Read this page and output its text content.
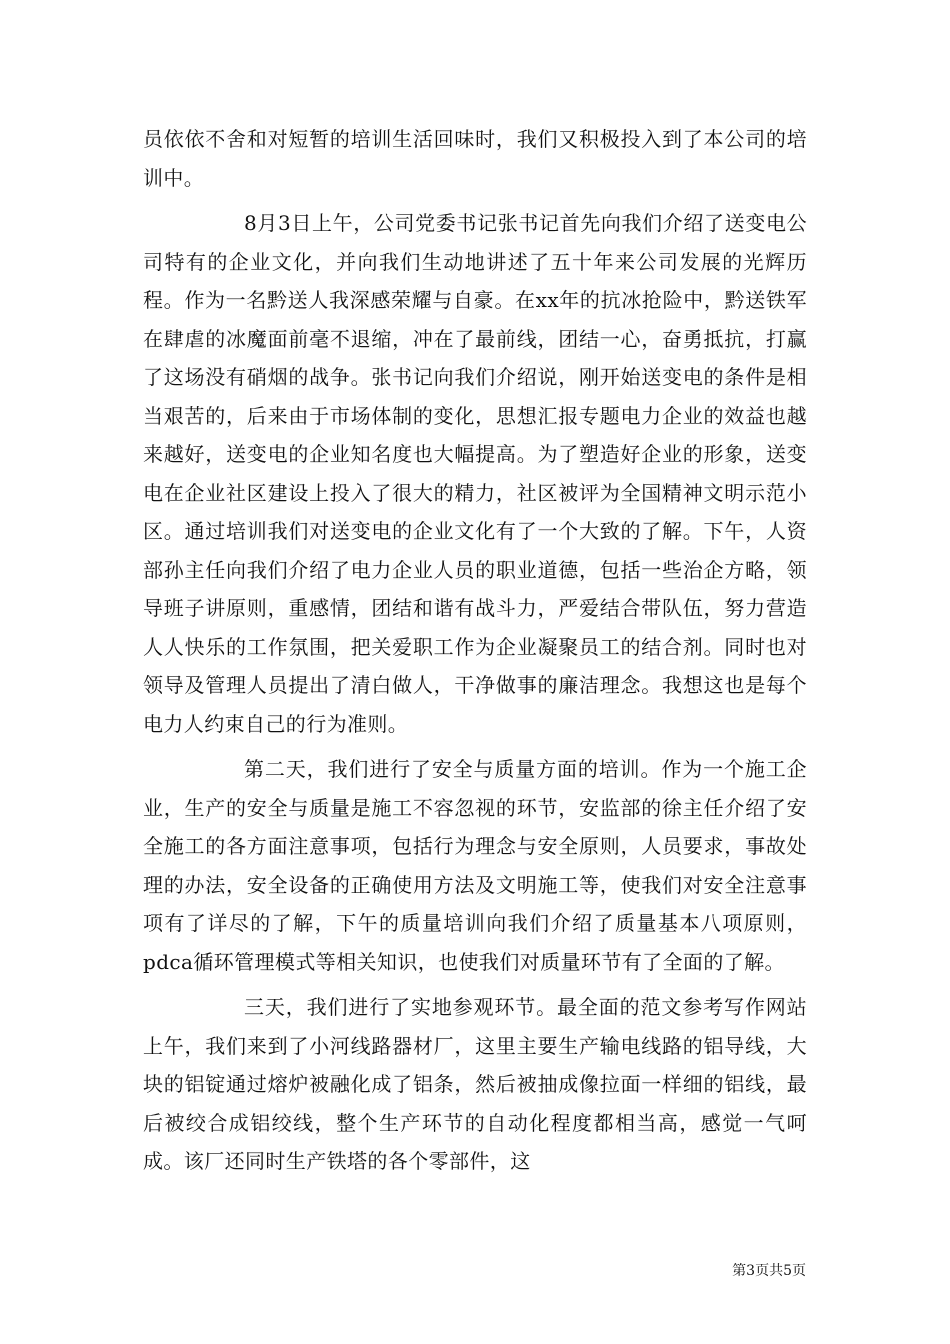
员依依不舍和对短暂的培训生活回味时，我们又积极投入到了本公司的培训中。

8月3日上午，公司党委书记张书记首先向我们介绍了送变电公司特有的企业文化，并向我们生动地讲述了五十年来公司发展的光辉历程。作为一名黔送人我深感荣耀与自豪。在xx年的抗冰抢险中，黔送铁军在肆虐的冰魔面前毫不退缩，冲在了最前线，团结一心，奋勇抵抗，打赢了这场没有硝烟的战争。张书记向我们介绍说，刚开始送变电的条件是相当艰苦的，后来由于市场体制的变化，思想汇报专题电力企业的效益也越来越好，送变电的企业知名度也大幅提高。为了塑造好企业的形象，送变电在企业社区建设上投入了很大的精力，社区被评为全国精神文明示范小区。通过培训我们对送变电的企业文化有了一个大致的了解。下午，人资部孙主任向我们介绍了电力企业人员的职业道德，包括一些治企方略，领导班子讲原则，重感情，团结和谐有战斗力，严爱结合带队伍，努力营造人人快乐的工作氛围，把关爱职工作为企业凝聚员工的结合剂。同时也对领导及管理人员提出了清白做人，干净做事的廉洁理念。我想这也是每个电力人约束自己的行为准则。

第二天，我们进行了安全与质量方面的培训。作为一个施工企业，生产的安全与质量是施工不容忽视的环节，安监部的徐主任介绍了安全施工的各方面注意事项，包括行为理念与安全原则，人员要求，事故处理的办法，安全设备的正确使用方法及文明施工等，使我们对安全注意事项有了详尽的了解，下午的质量培训向我们介绍了质量基本八项原则，pdca循环管理模式等相关知识，也使我们对质量环节有了全面的了解。

三天，我们进行了实地参观环节。最全面的范文参考写作网站上午，我们来到了小河线路器材厂，这里主要生产输电线路的铝导线，大块的铝锭通过熔炉被融化成了铝条，然后被抽成像拉面一样细的铝线，最后被绞合成铝绞线，整个生产环节的自动化程度都相当高，感觉一气呵成。该厂还同时生产铁塔的各个零部件，这

第3页共5页
